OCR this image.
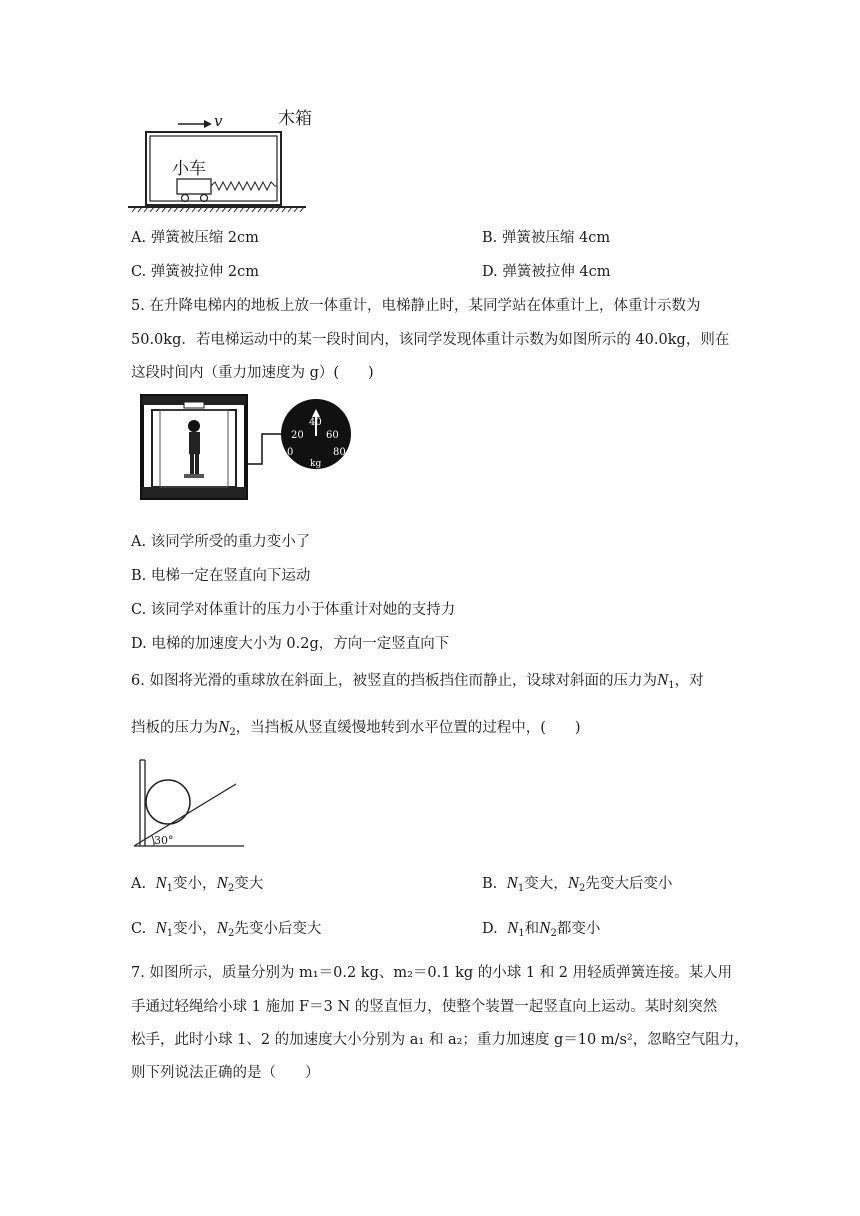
v	木箱
小车
A. 弹簧被压缩 2cm	B. 弹簧被压缩 4cm
C. 弹簧被拉伸 2cm	D. 弹簧被拉伸 4cm
5. 在升降电梯内的地板上放一体重计，电梯静止时，某同学站在体重计上，体重计示数为
50.0kg．若电梯运动中的某一段时间内，该同学发现体重计示数为如图所示的 40.0kg，则在
这段时间内（重力加速度为 g）(　　)
40
20 60
0	80
kg
A. 该同学所受的重力变小了
B. 电梯一定在竖直向下运动
C. 该同学对体重计的压力小于体重计对她的支持力
D. 电梯的加速度大小为 0.2g，方向一定竖直向下
6. 如图将光滑的重球放在斜面上，被竖直的挡板挡住而静止，设球对斜面的压力为$N_1$，对
挡板的压力为$N_2$，当挡板从竖直缓慢地转到水平位置的过程中，(　　)
30°
A. $N_1$变小，$N_2$变大	B. $N_1$变大，$N_2$先变大后变小
C. $N_1$变小，$N_2$先变小后变大	D. $N_1$和$N_2$都变小
7. 如图所示，质量分别为 m₁＝0.2 kg、m₂＝0.1 kg 的小球 1 和 2 用轻质弹簧连接。某人用
手通过轻绳给小球 1 施加 F＝3 N 的竖直恒力，使整个装置一起竖直向上运动。某时刻突然
松手，此时小球 1、2 的加速度大小分别为 a₁ 和 a₂；重力加速度 g＝10 m/s²，忽略空气阻力，
则下列说法正确的是（　　）
